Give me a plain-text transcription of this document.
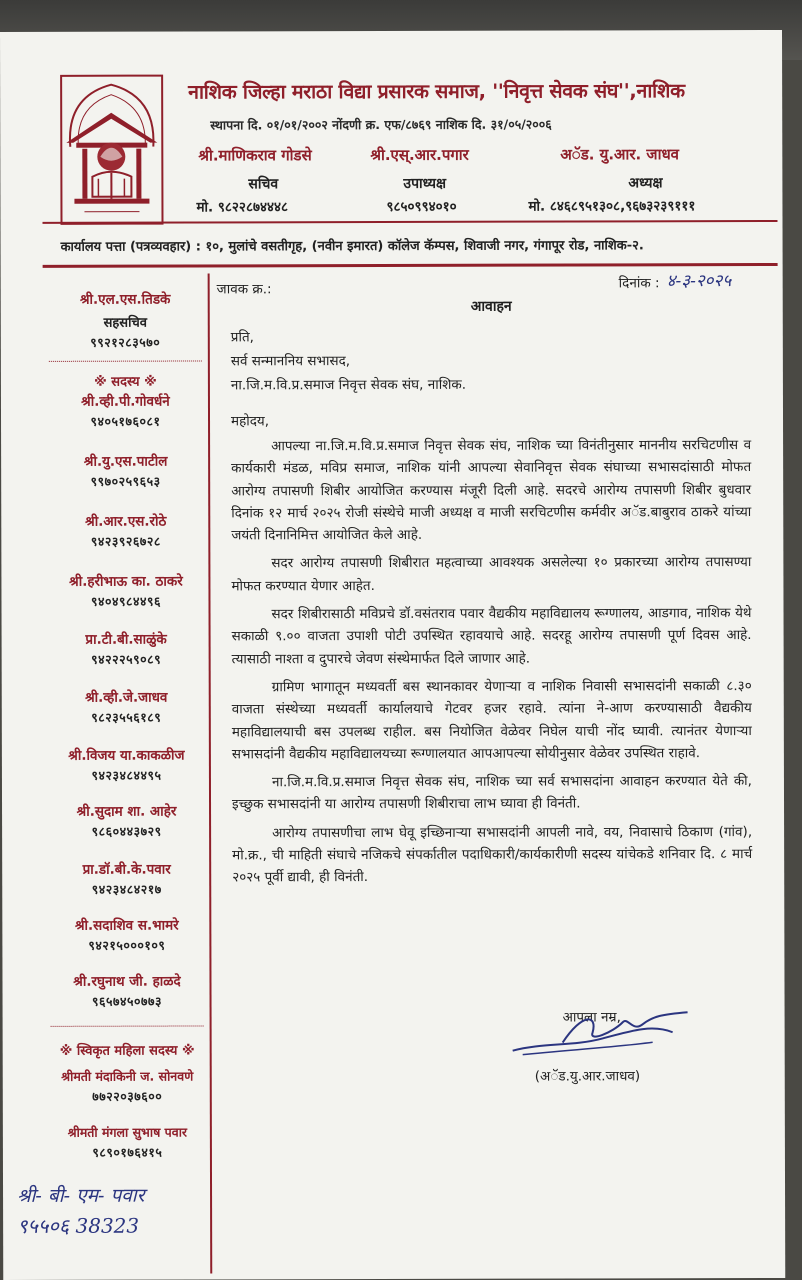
नाशिक जिल्हा मराठा विद्या प्रसारक समाज, ''निवृत्त सेवक संघ'',नाशिक
स्थापना दि. ०१/०१/२००२ नोंदणी क्र. एफ/८७६९ नाशिक दि. ३१/०५/२००६
श्री.माणिकराव गोडसे	श्री.एस्.आर.पगार	अॅड. यु.आर. जाधव
सचिव	उपाध्यक्ष	अध्यक्ष
मो. ९८२२८७४४४८	९८५०९९४०१०	मो. ८४६८९५१३०८,९६७३२३९१११
कार्यालय पत्ता (पत्रव्यवहार) : १०, मुलांचे वसतीगृह, (नवीन इमारत) कॉलेज कॅम्पस, शिवाजी नगर, गंगापूर रोड, नाशिक-२.
श्री.एल.एस.तिडके
सहसचिव
९९२१२८३५७०
※ सदस्य ※
श्री.व्ही.पी.गोवर्धने
९४०५१७६०८१
श्री.यु.एस.पाटील
९९७०२५९६५३
श्री.आर.एस.रोठे
९४२३९२६७२८
श्री.हरीभाऊ का. ठाकरे
९४०४९८४४९६
प्रा.टी.बी.साळुंके
९४२२२५९०८९
श्री.व्ही.जे.जाधव
९८२३५५६१८९
श्री.विजय या.काकळीज
९४२३४८४४९५
श्री.सुदाम शा. आहेर
९८६०४४३७२९
प्रा.डॉ.बी.के.पवार
९४२३४८४२१७
श्री.सदाशिव स.भामरे
९४२१५०००१०९
श्री.रघुनाथ जी. हाळदे
९६५७४५०७७३
※ स्विकृत महिला सदस्य ※
श्रीमती मंदाकिनी ज. सोनवणे
७७२२०३७६००
श्रीमती मंगला सुभाष पवार
९८९०१७६४१५
श्री- बी- एम- पवार
९५५०६ 38323
जावक क्र.:	दिनांक : ४-३-२०२५
आवाहन
प्रति,
सर्व सन्माननिय सभासद,
ना.जि.म.वि.प्र.समाज निवृत्त सेवक संघ, नाशिक.
महोदय,

आपल्या ना.जि.म.वि.प्र.समाज निवृत्त सेवक संघ, नाशिक च्या विनंतीनुसार माननीय सरचिटणीस व कार्यकारी मंडळ, मविप्र समाज, नाशिक यांनी आपल्या सेवानिवृत्त सेवक संघाच्या सभासदांसाठी मोफत आरोग्य तपासणी शिबीर आयोजित करण्यास मंजूरी दिली आहे. सदरचे आरोग्य तपासणी शिबीर बुधवार दिनांक १२ मार्च २०२५ रोजी संस्थेचे माजी अध्यक्ष व माजी सरचिटणीस कर्मवीर अॅड.बाबुराव ठाकरे यांच्या जयंती दिनानिमित्त आयोजित केले आहे.

सदर आरोग्य तपासणी शिबीरात महत्वाच्या आवश्यक असलेल्या १० प्रकारच्या आरोग्य तपासण्या मोफत करण्यात येणार आहेत.

सदर शिबीरासाठी मविप्रचे डॉ.वसंतराव पवार वैद्यकीय महाविद्यालय रूग्णालय, आडगाव, नाशिक येथे सकाळी ९.०० वाजता उपाशी पोटी उपस्थित रहावयाचे आहे. सदरहू आरोग्य तपासणी पूर्ण दिवस आहे. त्यासाठी नाश्ता व दुपारचे जेवण संस्थेमार्फत दिले जाणार आहे.

ग्रामिण भागातून मध्यवर्ती बस स्थानकावर येणाऱ्या व नाशिक निवासी सभासदांनी सकाळी ८.३० वाजता संस्थेच्या मध्यवर्ती कार्यालयाचे गेटवर हजर रहावे. त्यांना ने-आण करण्यासाठी वैद्यकीय महाविद्यालयाची बस उपलब्ध राहील. बस नियोजित वेळेवर निघेल याची नोंद घ्यावी. त्यानंतर येणाऱ्या सभासदांनी वैद्यकीय महाविद्यालयच्या रूग्णालयात आपआपल्या सोयीनुसार वेळेवर उपस्थित राहावे.

ना.जि.म.वि.प्र.समाज निवृत्त सेवक संघ, नाशिक च्या सर्व सभासदांना आवाहन करण्यात येते की, इच्छुक सभासदांनी या आरोग्य तपासणी शिबीराचा लाभ घ्यावा ही विनंती.

आरोग्य तपासणीचा लाभ घेवू इच्छिनाऱ्या सभासदांनी आपली नावे, वय, निवासाचे ठिकाण (गांव), मो.क्र., ची माहिती संघाचे नजिकचे संपर्कातील पदाधिकारी/कार्यकारीणी सदस्य यांचेकडे शनिवार दि. ८ मार्च २०२५ पूर्वी द्यावी, ही विनंती.

आपला नम्र,
(अॅड.यु.आर.जाधव)
